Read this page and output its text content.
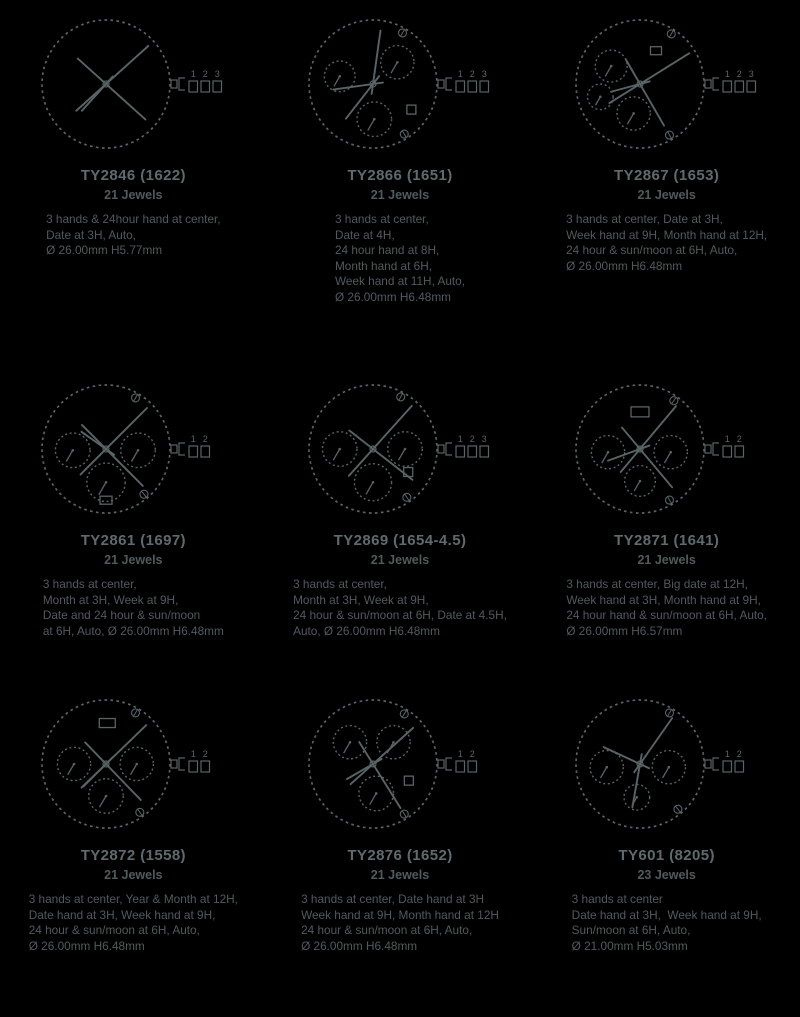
1 2 3
TY2846 (1622)
21 Jewels
3 hands & 24hour hand at center,
Date at 3H, Auto,
Ø 26.00mm H5.77mm
1 2 3
TY2866 (1651)
21 Jewels
3 hands at center,
Date at 4H,
24 hour hand at 8H,
Month hand at 6H,
Week hand at 11H, Auto,
Ø 26.00mm H6.48mm
1 2 3
TY2867 (1653)
21 Jewels
3 hands at center, Date at 3H,
Week hand at 9H, Month hand at 12H,
24 hour & sun/moon at 6H, Auto,
Ø 26.00mm H6.48mm
1 2
TY2861 (1697)
21 Jewels
3 hands at center,
Month at 3H, Week at 9H,
Date and 24 hour & sun/moon
at 6H, Auto, Ø 26.00mm H6.48mm
1 2 3
TY2869 (1654-4.5)
21 Jewels
3 hands at center,
Month at 3H, Week at 9H,
24 hour & sun/moon at 6H, Date at 4.5H,
Auto, Ø 26.00mm H6.48mm
1 2
TY2871 (1641)
21 Jewels
3 hands at center, Big date at 12H,
Week hand at 3H, Month hand at 9H,
24 hour hand & sun/moon at 6H, Auto,
Ø 26.00mm H6.57mm
1 2
TY2872 (1558)
21 Jewels
3 hands at center, Year & Month at 12H,
Date hand at 3H, Week hand at 9H,
24 hour & sun/moon at 6H, Auto,
Ø 26.00mm H6.48mm
1 2
TY2876 (1652)
21 Jewels
3 hands at center, Date hand at 3H
Week hand at 9H, Month hand at 12H
24 hour & sun/moon at 6H, Auto,
Ø 26.00mm H6.48mm
1 2
TY601 (8205)
23 Jewels
3 hands at center
Date hand at 3H,  Week hand at 9H,
Sun/moon at 6H, Auto,
Ø 21.00mm H5.03mm
